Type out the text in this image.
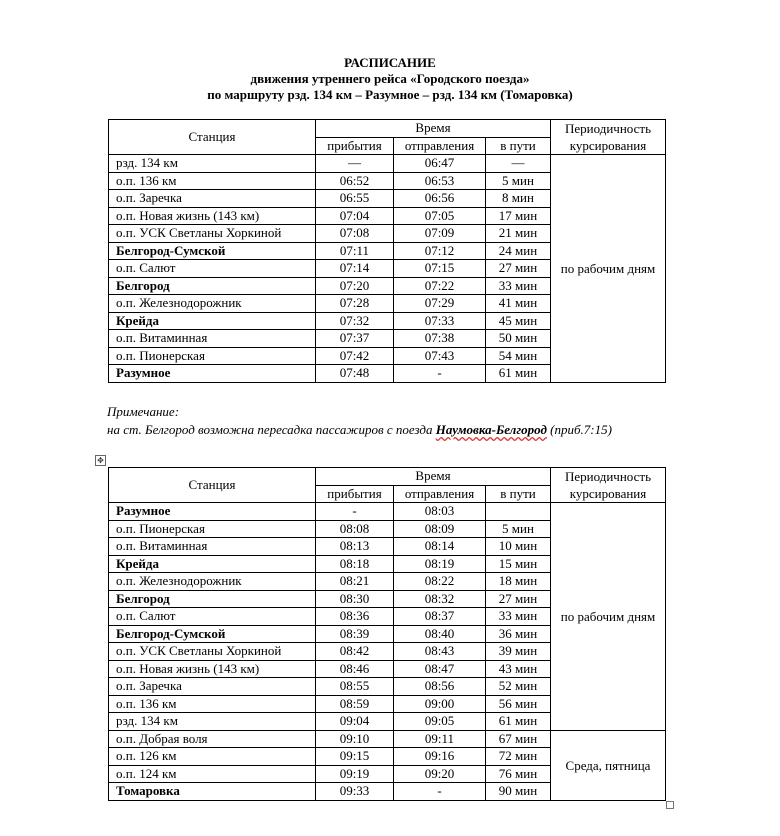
РАСПИСАНИЕ
движения утреннего рейса «Городского поезда»
по маршруту рзд. 134 км – Разумное – рзд. 134 км (Томаровка)
Станция	Время			Периодичность курсирования
	прибытия	отправления	в пути	
рзд. 134 км	—	06:47	—	по рабочим дням
о.п. 136 км	06:52	06:53	5 мин	
о.п. Заречка	06:55	06:56	8 мин	
о.п. Новая жизнь (143 км)	07:04	07:05	17 мин	
о.п. УСК Светланы Хоркиной	07:08	07:09	21 мин	
Белгород-Сумской	07:11	07:12	24 мин	
о.п. Салют	07:14	07:15	27 мин	
Белгород	07:20	07:22	33 мин	
о.п. Железнодорожник	07:28	07:29	41 мин	
Крейда	07:32	07:33	45 мин	
о.п. Витаминная	07:37	07:38	50 мин	
о.п. Пионерская	07:42	07:43	54 мин	
Разумное	07:48	-	61 мин	
Примечание:
на ст. Белгород возможна пересадка пассажиров с поезда Наумовка-Белгород (приб.7:15)
✥
Станция	Время			Периодичность курсирования
	прибытия	отправления	в пути	
Разумное	-	08:03		по рабочим дням
о.п. Пионерская	08:08	08:09	5 мин	
о.п. Витаминная	08:13	08:14	10 мин	
Крейда	08:18	08:19	15 мин	
о.п. Железнодорожник	08:21	08:22	18 мин	
Белгород	08:30	08:32	27 мин	
о.п. Салют	08:36	08:37	33 мин	
Белгород-Сумской	08:39	08:40	36 мин	
о.п. УСК Светланы Хоркиной	08:42	08:43	39 мин	
о.п. Новая жизнь (143 км)	08:46	08:47	43 мин	
о.п. Заречка	08:55	08:56	52 мин	
о.п. 136 км	08:59	09:00	56 мин	
рзд. 134 км	09:04	09:05	61 мин	
о.п. Добрая воля	09:10	09:11	67 мин	Среда, пятница
о.п. 126 км	09:15	09:16	72 мин	
о.п. 124 км	09:19	09:20	76 мин	
Томаровка	09:33	-	90 мин	
